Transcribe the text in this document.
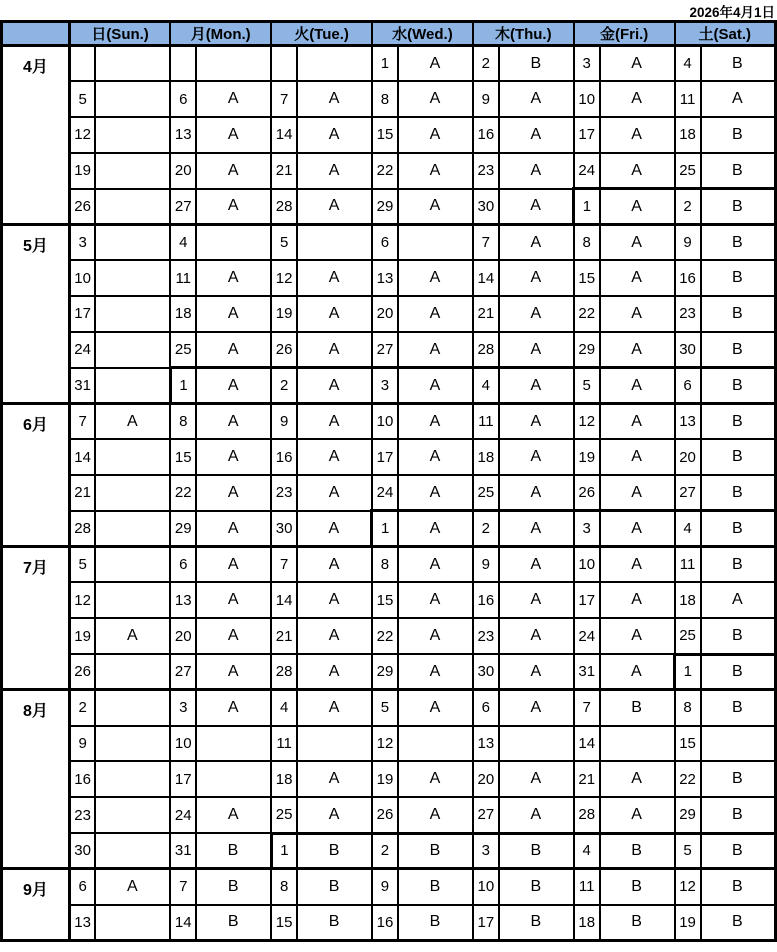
2026年4月1日
	日(Sun.)		月(Mon.)		火(Tue.)		水(Wed.)		木(Thu.)		金(Fri.)		土(Sat.)	
4月							1	A	2	B	3	A	4	B
	5		6	A	7	A	8	A	9	A	10	A	11	A
	12		13	A	14	A	15	A	16	A	17	A	18	B
	19		20	A	21	A	22	A	23	A	24	A	25	B
	26		27	A	28	A	29	A	30	A	1	A	2	B
5月	3		4		5		6		7	A	8	A	9	B
	10		11	A	12	A	13	A	14	A	15	A	16	B
	17		18	A	19	A	20	A	21	A	22	A	23	B
	24		25	A	26	A	27	A	28	A	29	A	30	B
	31		1	A	2	A	3	A	4	A	5	A	6	B
6月	7	A	8	A	9	A	10	A	11	A	12	A	13	B
	14		15	A	16	A	17	A	18	A	19	A	20	B
	21		22	A	23	A	24	A	25	A	26	A	27	B
	28		29	A	30	A	1	A	2	A	3	A	4	B
7月	5		6	A	7	A	8	A	9	A	10	A	11	B
	12		13	A	14	A	15	A	16	A	17	A	18	A
	19	A	20	A	21	A	22	A	23	A	24	A	25	B
	26		27	A	28	A	29	A	30	A	31	A	1	B
8月	2		3	A	4	A	5	A	6	A	7	B	8	B
	9		10		11		12		13		14		15	
	16		17		18	A	19	A	20	A	21	A	22	B
	23		24	A	25	A	26	A	27	A	28	A	29	B
	30		31	B	1	B	2	B	3	B	4	B	5	B
9月	6	A	7	B	8	B	9	B	10	B	11	B	12	B
	13		14	B	15	B	16	B	17	B	18	B	19	B
